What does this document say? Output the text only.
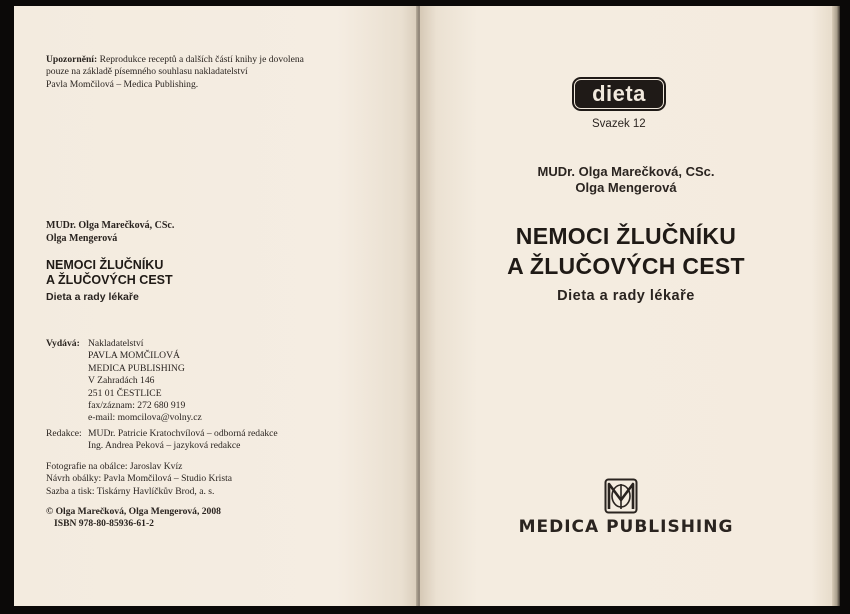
Upozornění: Reprodukce receptů a dalších částí knihy je dovolena
pouze na základě písemného souhlasu nakladatelství
Pavla Momčilová – Medica Publishing.
MUDr. Olga Marečková, CSc.
Olga Mengerová
NEMOCI ŽLUČNÍKU
A ŽLUČOVÝCH CEST
Dieta a rady lékaře
Vydává: Nakladatelství
PAVLA MOMČILOVÁ
MEDICA PUBLISHING
V Zahradách 146
251 01 ČESTLICE
fax/záznam: 272 680 919
e-mail: momcilova@volny.cz
Redakce: MUDr. Patricie Kratochvílová – odborná redakce
Ing. Andrea Peková – jazyková redakce
Fotografie na obálce: Jaroslav Kvíz
Návrh obálky: Pavla Momčilová – Studio Krista
Sazba a tisk: Tiskárny Havlíčkův Brod, a. s.
© Olga Marečková, Olga Mengerová, 2008
ISBN 978-80-85936-61-2
dieta
Svazek 12
MUDr. Olga Marečková, CSc.
Olga Mengerová
NEMOCI ŽLUČNÍKU
A ŽLUČOVÝCH CEST
Dieta a rady lékaře
MEDICA PUBLISHING
